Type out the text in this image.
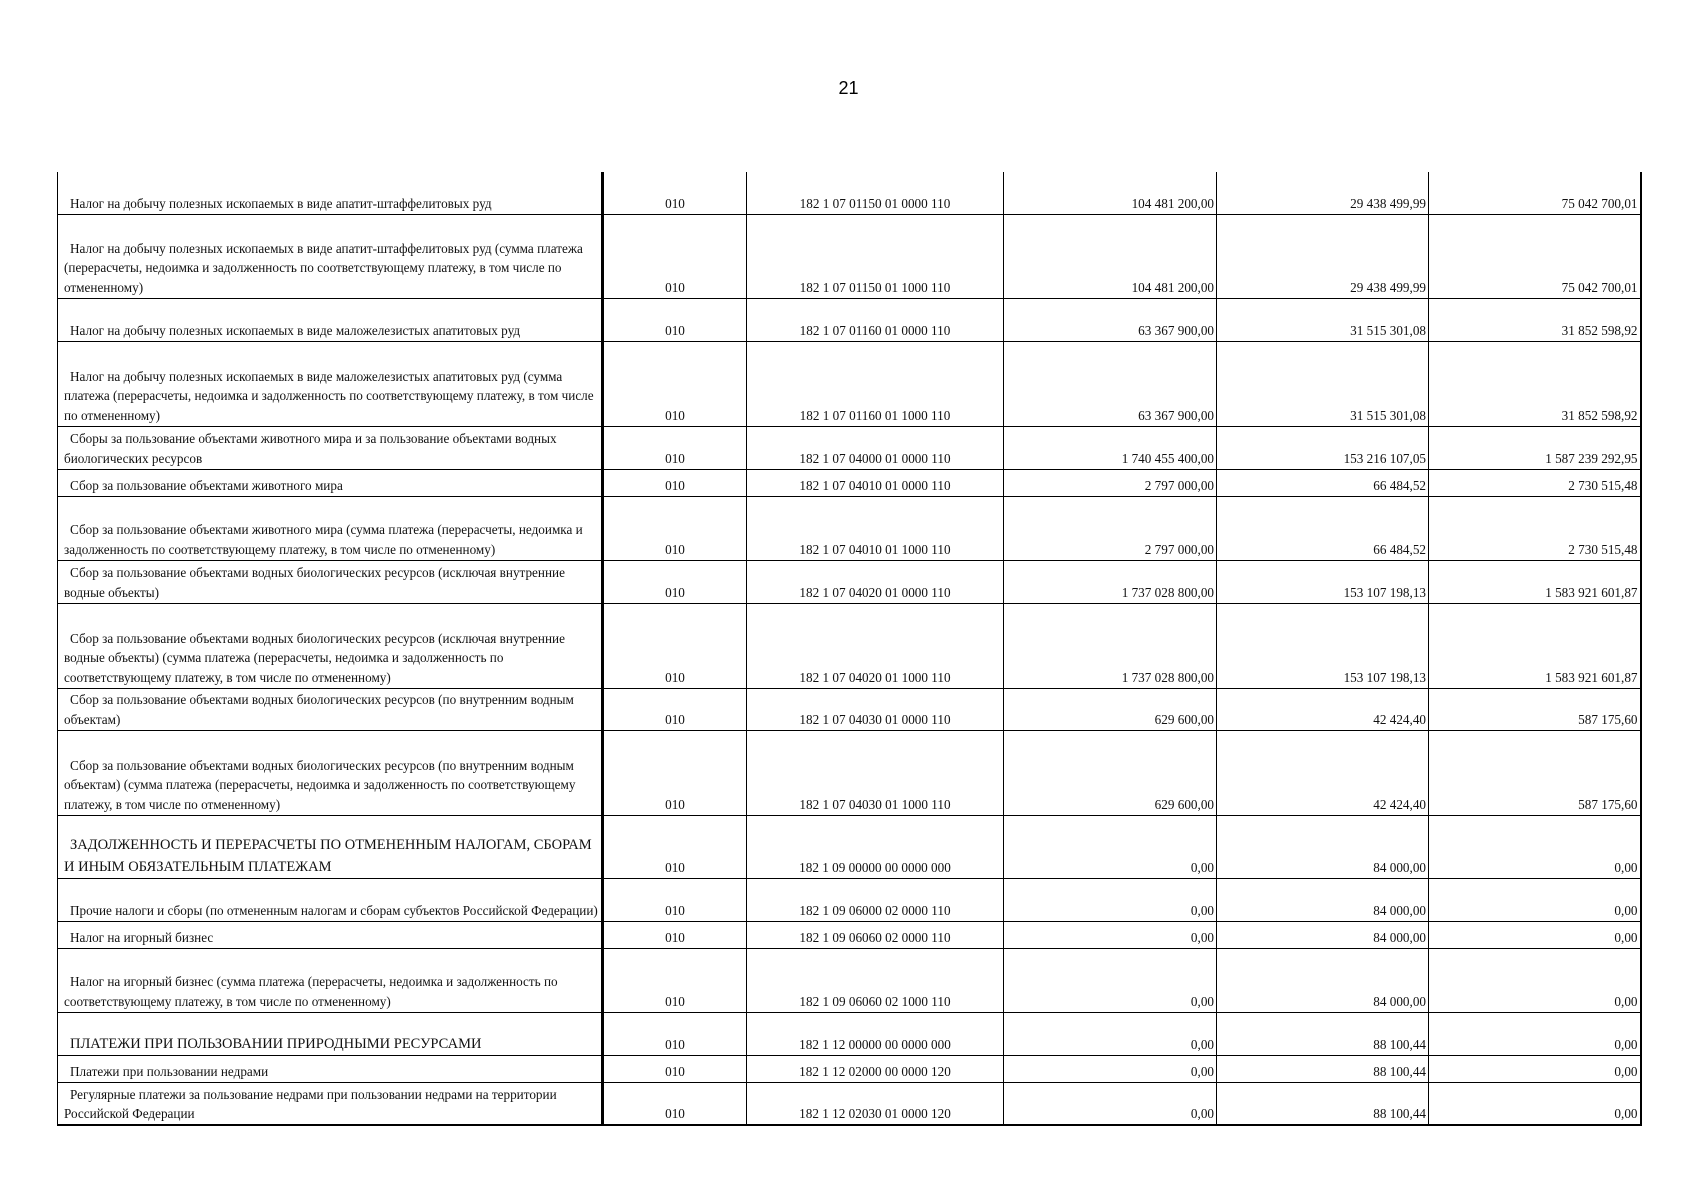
21
Налог на добычу полезных ископаемых в виде апатит-штаффелитовых руд	010	182 1 07 01150 01 0000 110	104 481 200,00	29 438 499,99	75 042 700,01

Налог на добычу полезных ископаемых в виде апатит-штаффелитовых руд (сумма платежа (перерасчеты, недоимка и задолженность по соответствующему платежу, в том числе по отмененному)	010	182 1 07 01150 01 1000 110	104 481 200,00	29 438 499,99	75 042 700,01

Налог на добычу полезных ископаемых в виде маложелезистых апатитовых руд	010	182 1 07 01160 01 0000 110	63 367 900,00	31 515 301,08	31 852 598,92

Налог на добычу полезных ископаемых в виде маложелезистых апатитовых руд (сумма платежа (перерасчеты, недоимка и задолженность по соответствующему платежу, в том числе по отмененному)	010	182 1 07 01160 01 1000 110	63 367 900,00	31 515 301,08	31 852 598,92

Сборы за пользование объектами животного мира и за пользование объектами водных биологических ресурсов	010	182 1 07 04000 01 0000 110	1 740 455 400,00	153 216 107,05	1 587 239 292,95

Сбор за пользование объектами животного мира	010	182 1 07 04010 01 0000 110	2 797 000,00	66 484,52	2 730 515,48

Сбор за пользование объектами животного мира (сумма платежа (перерасчеты, недоимка и задолженность по соответствующему платежу, в том числе по отмененному)	010	182 1 07 04010 01 1000 110	2 797 000,00	66 484,52	2 730 515,48

Сбор за пользование объектами водных биологических ресурсов (исключая внутренние водные объекты)	010	182 1 07 04020 01 0000 110	1 737 028 800,00	153 107 198,13	1 583 921 601,87

Сбор за пользование объектами водных биологических ресурсов (исключая внутренние водные объекты) (сумма платежа (перерасчеты, недоимка и задолженность по соответствующему платежу, в том числе по отмененному)	010	182 1 07 04020 01 1000 110	1 737 028 800,00	153 107 198,13	1 583 921 601,87

Сбор за пользование объектами водных биологических ресурсов (по внутренним водным объектам)	010	182 1 07 04030 01 0000 110	629 600,00	42 424,40	587 175,60

Сбор за пользование объектами водных биологических ресурсов (по внутренним водным объектам) (сумма платежа (перерасчеты, недоимка и задолженность по соответствующему платежу, в том числе по отмененному)	010	182 1 07 04030 01 1000 110	629 600,00	42 424,40	587 175,60

ЗАДОЛЖЕННОСТЬ И ПЕРЕРАСЧЕТЫ ПО ОТМЕНЕННЫМ НАЛОГАМ, СБОРАМ И ИНЫМ ОБЯЗАТЕЛЬНЫМ ПЛАТЕЖАМ	010	182 1 09 00000 00 0000 000	0,00	84 000,00	0,00

Прочие налоги и сборы (по отмененным налогам и сборам субъектов Российской Федерации)	010	182 1 09 06000 02 0000 110	0,00	84 000,00	0,00

Налог на игорный бизнес	010	182 1 09 06060 02 0000 110	0,00	84 000,00	0,00

Налог на игорный бизнес (сумма платежа (перерасчеты, недоимка и задолженность по соответствующему платежу, в том числе по отмененному)	010	182 1 09 06060 02 1000 110	0,00	84 000,00	0,00

ПЛАТЕЖИ ПРИ ПОЛЬЗОВАНИИ ПРИРОДНЫМИ РЕСУРСАМИ	010	182 1 12 00000 00 0000 000	0,00	88 100,44	0,00

Платежи при пользовании недрами	010	182 1 12 02000 00 0000 120	0,00	88 100,44	0,00

Регулярные платежи за пользование недрами при пользовании недрами на территории Российской Федерации	010	182 1 12 02030 01 0000 120	0,00	88 100,44	0,00
